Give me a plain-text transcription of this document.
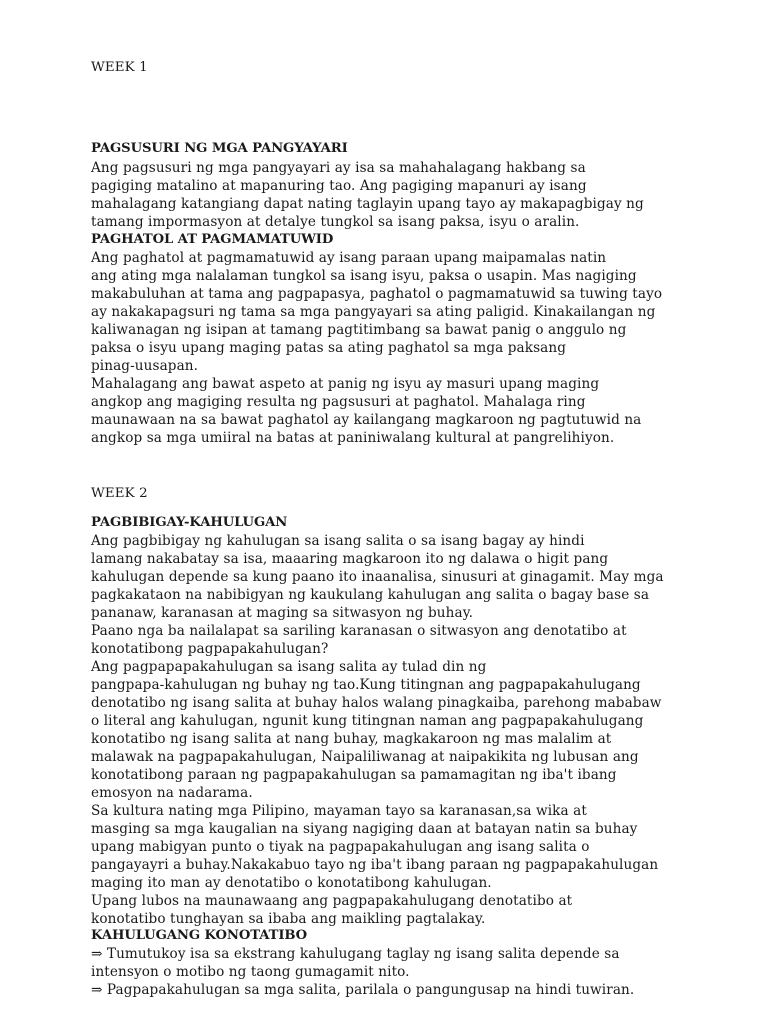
WEEK 1
PAGSUSURI NG MGA PANGYAYARI
Ang pagsusuri ng mga pangyayari ay isa sa mahahalagang hakbang sa
pagiging matalino at mapanuring tao. Ang pagiging mapanuri ay isang
mahalagang katangiang dapat nating taglayin upang tayo ay makapagbigay ng
tamang impormasyon at detalye tungkol sa isang paksa, isyu o aralin.
PAGHATOL AT PAGMAMATUWID
Ang paghatol at pagmamatuwid ay isang paraan upang maipamalas natin
ang ating mga nalalaman tungkol sa isang isyu, paksa o usapin. Mas nagiging
makabuluhan at tama ang pagpapasya, paghatol o pagmamatuwid sa tuwing tayo
ay nakakapagsuri ng tama sa mga pangyayari sa ating paligid. Kinakailangan ng
kaliwanagan ng isipan at tamang pagtitimbang sa bawat panig o anggulo ng
paksa o isyu upang maging patas sa ating paghatol sa mga paksang
pinag-uusapan.
Mahalagang ang bawat aspeto at panig ng isyu ay masuri upang maging
angkop ang magiging resulta ng pagsusuri at paghatol. Mahalaga ring
maunawaan na sa bawat paghatol ay kailangang magkaroon ng pagtutuwid na
angkop sa mga umiiral na batas at paniniwalang kultural at pangrelihiyon.
WEEK 2
PAGBIBIGAY-KAHULUGAN
Ang pagbibigay ng kahulugan sa isang salita o sa isang bagay ay hindi
lamang nakabatay sa isa, maaaring magkaroon ito ng dalawa o higit pang
kahulugan depende sa kung paano ito inaanalisa, sinusuri at ginagamit. May mga
pagkakataon na nabibigyan ng kaukulang kahulugan ang salita o bagay base sa
pananaw, karanasan at maging sa sitwasyon ng buhay.
Paano nga ba nailalapat sa sariling karanasan o sitwasyon ang denotatibo at
konotatibong pagpapakahulugan?
Ang pagpapapakahulugan sa isang salita ay tulad din ng
pangpapa-kahulugan ng buhay ng tao.Kung titingnan ang pagpapakahulugang
denotatibo ng isang salita at buhay halos walang pinagkaiba, parehong mababaw
o literal ang kahulugan, ngunit kung titingnan naman ang pagpapakahulugang
konotatibo ng isang salita at nang buhay, magkakaroon ng mas malalim at
malawak na pagpapakahulugan, Naipaliliwanag at naipakikita ng lubusan ang
konotatibong paraan ng pagpapakahulugan sa pamamagitan ng iba't ibang
emosyon na nadarama.
Sa kultura nating mga Pilipino, mayaman tayo sa karanasan,sa wika at
masging sa mga kaugalian na siyang nagiging daan at batayan natin sa buhay
upang mabigyan punto o tiyak na pagpapakahulugan ang isang salita o
pangayayri a buhay.Nakakabuo tayo ng iba't ibang paraan ng pagpapakahulugan
maging ito man ay denotatibo o konotatibong kahulugan.
Upang lubos na maunawaang ang pagpapakahulugang denotatibo at
konotatibo tunghayan sa ibaba ang maikling pagtalakay.
KAHULUGANG KONOTATIBO
⇒ Tumutukoy isa sa ekstrang kahulugang taglay ng isang salita depende sa
intensyon o motibo ng taong gumagamit nito.
⇒ Pagpapakahulugan sa mga salita, parilala o pangungusap na hindi tuwiran.
